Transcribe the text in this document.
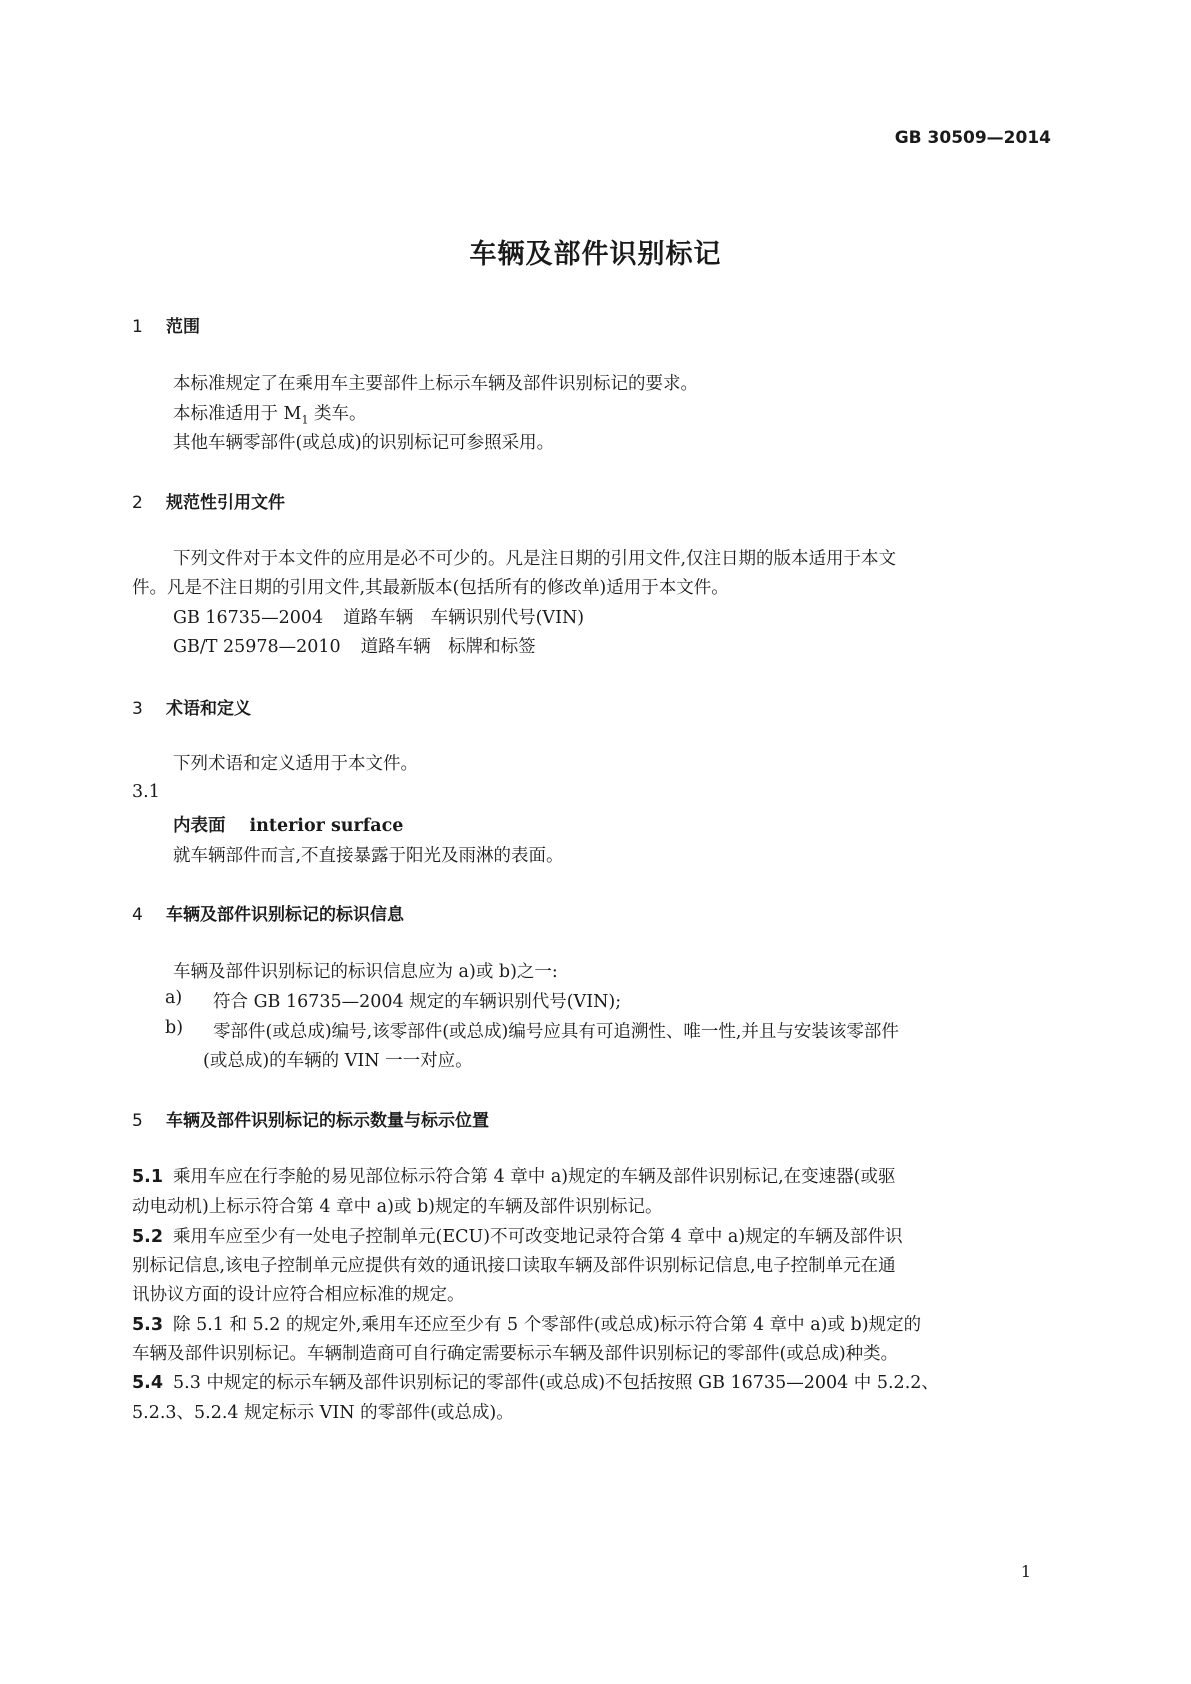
GB 30509—2014
车辆及部件识别标记
1 范围
本标准规定了在乘用车主要部件上标示车辆及部件识别标记的要求。
本标准适用于 $M_1$ 类车。
其他车辆零部件(或总成)的识别标记可参照采用。
2 规范性引用文件
下列文件对于本文件的应用是必不可少的。凡是注日期的引用文件,仅注日期的版本适用于本文
件。凡是不注日期的引用文件,其最新版本(包括所有的修改单)适用于本文件。
GB 16735—2004 道路车辆　车辆识别代号(VIN)
GB/T 25978—2010 道路车辆　标牌和标签
3 术语和定义
下列术语和定义适用于本文件。
3.1
内表面 interior surface
就车辆部件而言,不直接暴露于阳光及雨淋的表面。
4 车辆及部件识别标记的标识信息
车辆及部件识别标记的标识信息应为 a)或 b)之一:
a) 符合 GB 16735—2004 规定的车辆识别代号(VIN);
b) 零部件(或总成)编号,该零部件(或总成)编号应具有可追溯性、唯一性,并且与安装该零部件
(或总成)的车辆的 VIN 一一对应。
5 车辆及部件识别标记的标示数量与标示位置
5.1 乘用车应在行李舱的易见部位标示符合第 4 章中 a)规定的车辆及部件识别标记,在变速器(或驱
动电动机)上标示符合第 4 章中 a)或 b)规定的车辆及部件识别标记。
5.2 乘用车应至少有一处电子控制单元(ECU)不可改变地记录符合第 4 章中 a)规定的车辆及部件识
别标记信息,该电子控制单元应提供有效的通讯接口读取车辆及部件识别标记信息,电子控制单元在通
讯协议方面的设计应符合相应标准的规定。
5.3 除 5.1 和 5.2 的规定外,乘用车还应至少有 5 个零部件(或总成)标示符合第 4 章中 a)或 b)规定的
车辆及部件识别标记。车辆制造商可自行确定需要标示车辆及部件识别标记的零部件(或总成)种类。
5.4 5.3 中规定的标示车辆及部件识别标记的零部件(或总成)不包括按照 GB 16735—2004 中 5.2.2、
5.2.3、5.2.4 规定标示 VIN 的零部件(或总成)。
1
